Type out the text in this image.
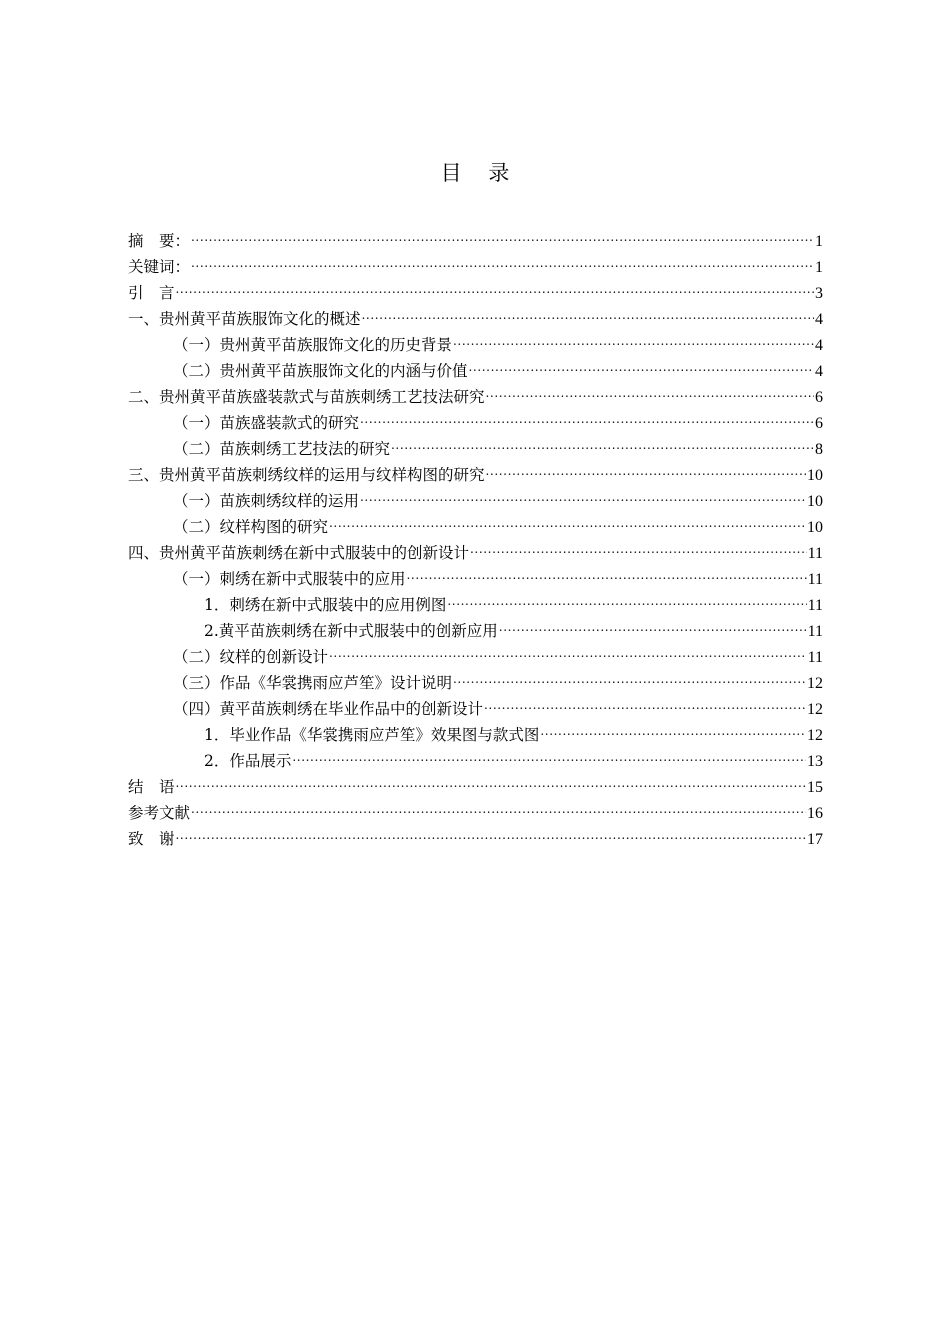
目 录
摘　要： .....	1
关键词： .....	1
引　言 .....	3
一、贵州黄平苗族服饰文化的概述 .....	4
（一）贵州黄平苗族服饰文化的历史背景 .....	4
（二）贵州黄平苗族服饰文化的内涵与价值 .....	4
二、贵州黄平苗族盛装款式与苗族刺绣工艺技法研究 .....	6
（一）苗族盛装款式的研究 .....	6
（二）苗族刺绣工艺技法的研究 .....	8
三、贵州黄平苗族刺绣纹样的运用与纹样构图的研究 .....	10
（一）苗族刺绣纹样的运用 .....	10
（二）纹样构图的研究 .....	10
四、贵州黄平苗族刺绣在新中式服装中的创新设计 .....	11
（一）刺绣在新中式服装中的应用 .....	11
1．刺绣在新中式服装中的应用例图 .....	11
2.黄平苗族刺绣在新中式服装中的创新应用 .....	11
（二）纹样的创新设计 .....	11
（三）作品《华裳携雨应芦笙》设计说明 .....	12
（四）黄平苗族刺绣在毕业作品中的创新设计 .....	12
1．毕业作品《华裳携雨应芦笙》效果图与款式图 .....	12
2．作品展示 .....	13
结　语 .....	15
参考文献 .....	16
致　谢 .....	17
